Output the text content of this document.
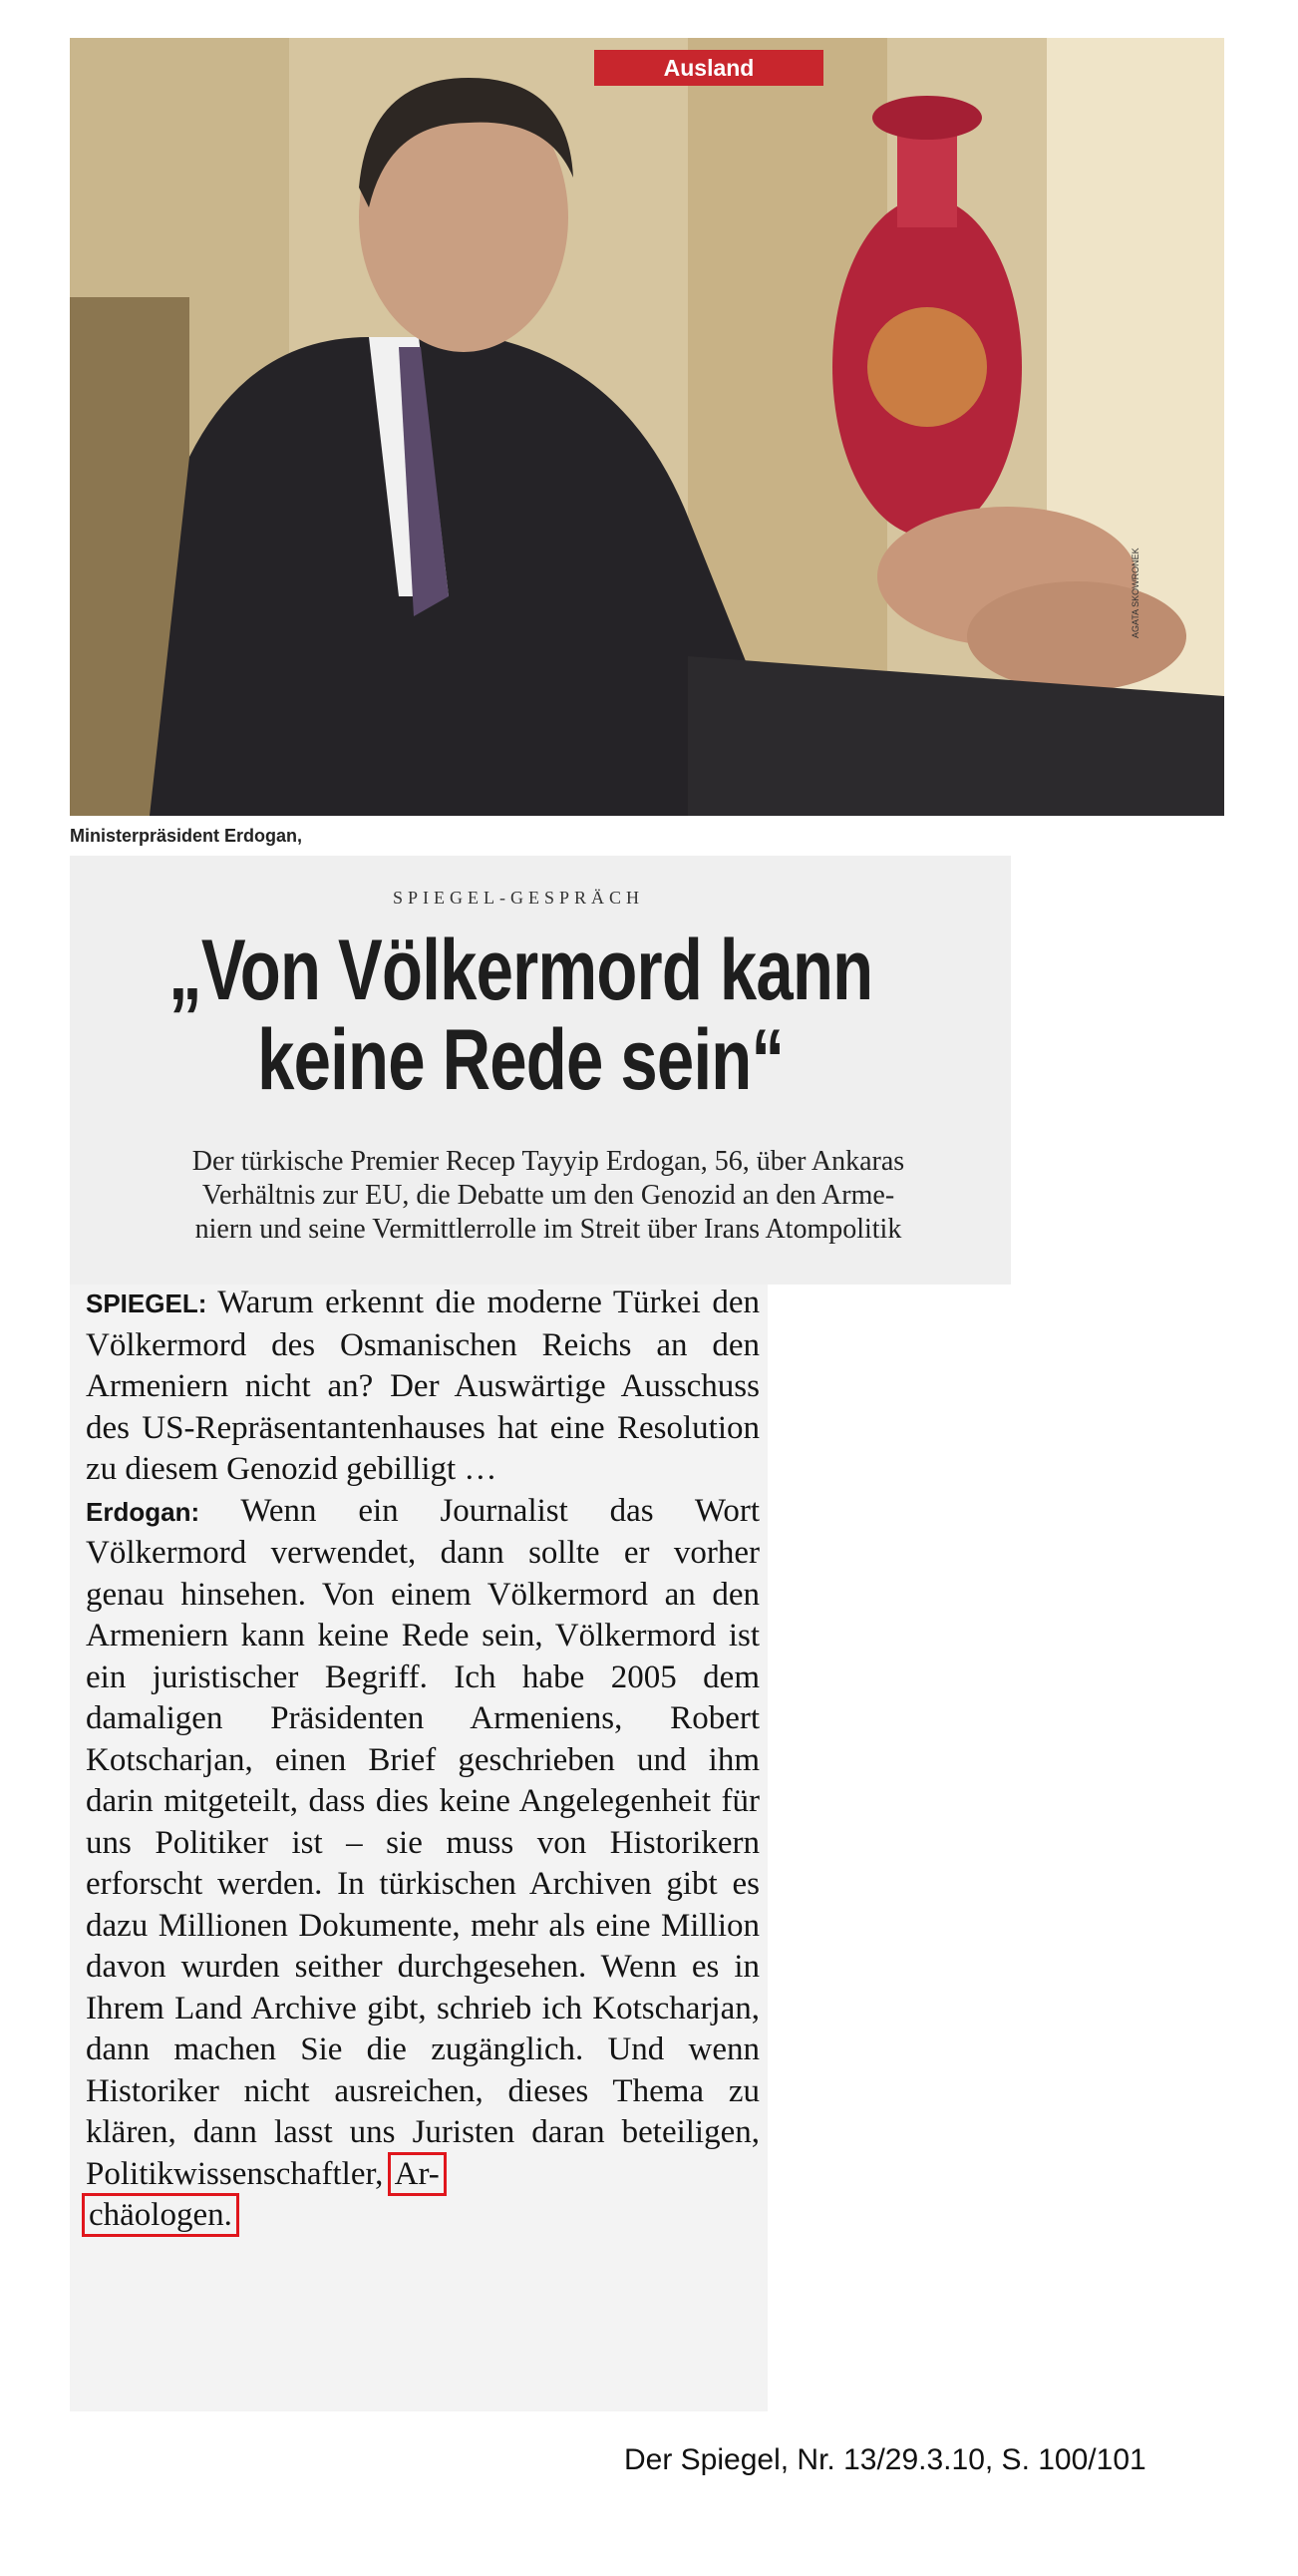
Ausland
AGATA SKOWRONEK
Ministerpräsident Erdogan,
SPIEGEL-GESPRÄCH
„Von Völkermord kann
keine Rede sein“
Der türkische Premier Recep Tayyip Erdogan, 56, über Ankaras
Verhältnis zur EU, die Debatte um den Genozid an den Arme-
niern und seine Vermittlerrolle im Streit über Irans Atompolitik

SPIEGEL: Warum erkennt die moderne Türkei den Völkermord des Osmanischen Reichs an den Armeniern nicht an? Der Auswärtige Ausschuss des US-Repräsentantenhauses hat eine Resolution zu diesem Genozid gebilligt …

Erdogan: Wenn ein Journalist das Wort Völkermord verwendet, dann sollte er vorher genau hinsehen. Von einem Völkermord an den Armeniern kann keine Rede sein, Völkermord ist ein juristischer Begriff. Ich habe 2005 dem damaligen Präsidenten Armeniens, Robert Kotscharjan, einen Brief geschrieben und ihm darin mitgeteilt, dass dies keine Angelegenheit für uns Politiker ist – sie muss von Historikern erforscht werden. In türkischen Archiven gibt es dazu Millionen Dokumente, mehr als eine Million davon wurden seither durchgesehen. Wenn es in Ihrem Land Archive gibt, schrieb ich Kotscharjan, dann machen Sie die zugänglich. Und wenn Historiker nicht ausreichen, dieses Thema zu klären, dann lasst uns Juristen daran beteiligen, Politikwissenschaftler, Ar-
chäologen.

Der Spiegel, Nr. 13/29.3.10, S. 100/101
